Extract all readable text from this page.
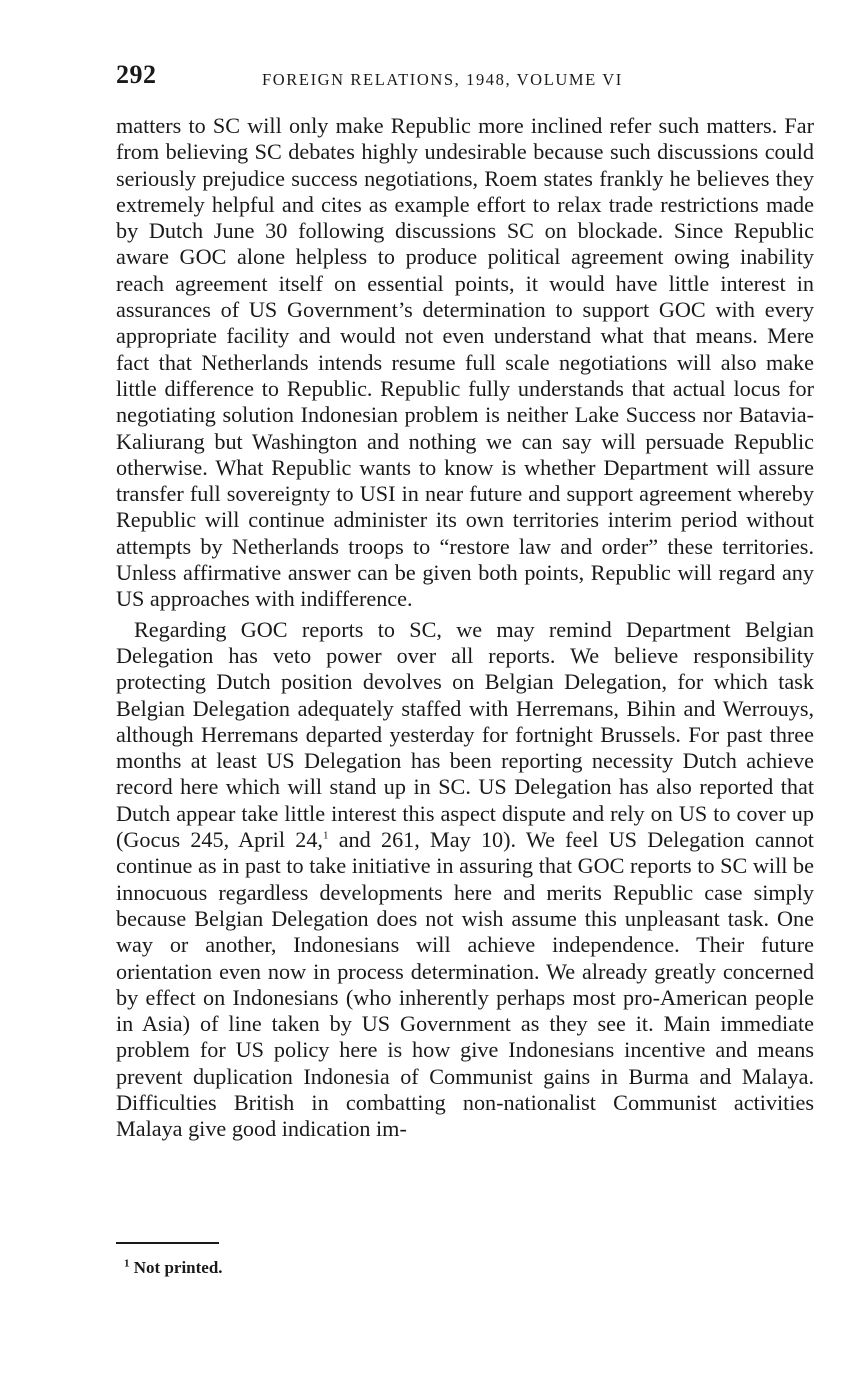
292	FOREIGN RELATIONS, 1948, VOLUME VI

matters to SC will only make Republic more inclined refer such matters. Far from believing SC debates highly undesirable because such discussions could seriously prejudice success negotiations, Roem states frankly he believes they extremely helpful and cites as example effort to relax trade restrictions made by Dutch June 30 following discussions SC on blockade. Since Republic aware GOC alone helpless to produce political agreement owing inability reach agreement itself on essential points, it would have little interest in assurances of US Government’s determination to support GOC with every appropriate facility and would not even understand what that means. Mere fact that Netherlands intends resume full scale negotiations will also make little difference to Republic. Republic fully understands that actual locus for negotiating solution Indonesian problem is neither Lake Success nor Batavia-Kaliurang but Washington and nothing we can say will persuade Republic otherwise. What Republic wants to know is whether Department will assure transfer full sovereignty to USI in near future and support agreement whereby Republic will continue administer its own territories interim period without attempts by Netherlands troops to “restore law and order” these territories. Unless affirmative answer can be given both points, Republic will regard any US approaches with indifference.

Regarding GOC reports to SC, we may remind Department Belgian Delegation has veto power over all reports. We believe responsibility protecting Dutch position devolves on Belgian Delegation, for which task Belgian Delegation adequately staffed with Herremans, Bihin and Werrouys, although Herremans departed yesterday for fortnight Brussels. For past three months at least US Delegation has been reporting necessity Dutch achieve record here which will stand up in SC. US Delegation has also reported that Dutch appear take little interest this aspect dispute and rely on US to cover up (Gocus 245, April 24,$^1$ and 261, May 10). We feel US Delegation cannot continue as in past to take initiative in assuring that GOC reports to SC will be innocuous regardless developments here and merits Republic case simply because Belgian Delegation does not wish assume this unpleasant task. One way or another, Indonesians will achieve independence. Their future orientation even now in process determination. We already greatly concerned by effect on Indonesians (who inherently perhaps most pro-American people in Asia) of line taken by US Government as they see it. Main immediate problem for US policy here is how give Indonesians incentive and means prevent duplication Indonesia of Communist gains in Burma and Malaya. Difficulties British in combatting non-nationalist Communist activities Malaya give good indication im-

$^1$ Not printed.
